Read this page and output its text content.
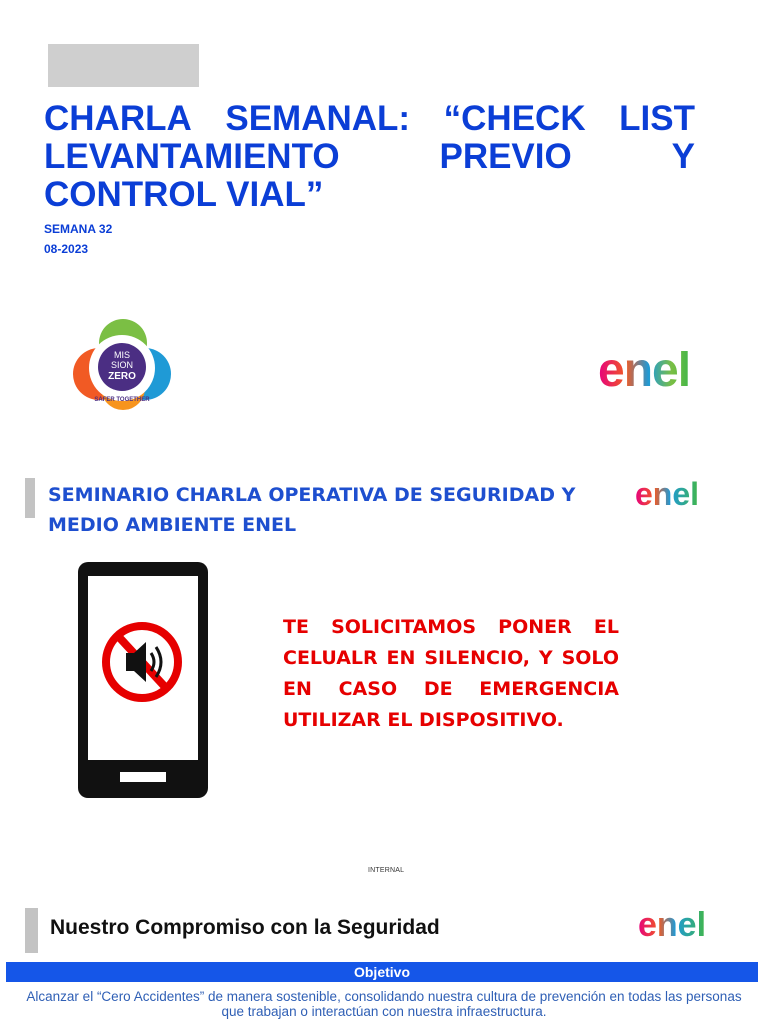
CHARLA SEMANAL: “CHECK LIST
LEVANTAMIENTO	PREVIO	Y
CONTROL VIAL”
SEMANA 32
08-2023
MIS
SION
ZERO
SAFER TOGETHER
enel
SEMINARIO CHARLA OPERATIVA DE SEGURIDAD Y
MEDIO AMBIENTE ENEL
enel
TE SOLICITAMOS PONER EL CELUALR EN SILENCIO, Y SOLO EN CASO DE EMERGENCIA UTILIZAR EL DISPOSITIVO.
INTERNAL
Nuestro Compromiso con la Seguridad	enel
Objetivo
Alcanzar el “Cero Accidentes” de manera sostenible, consolidando nuestra cultura de prevención en todas las personas que trabajan o interactúan con nuestra infraestructura.
